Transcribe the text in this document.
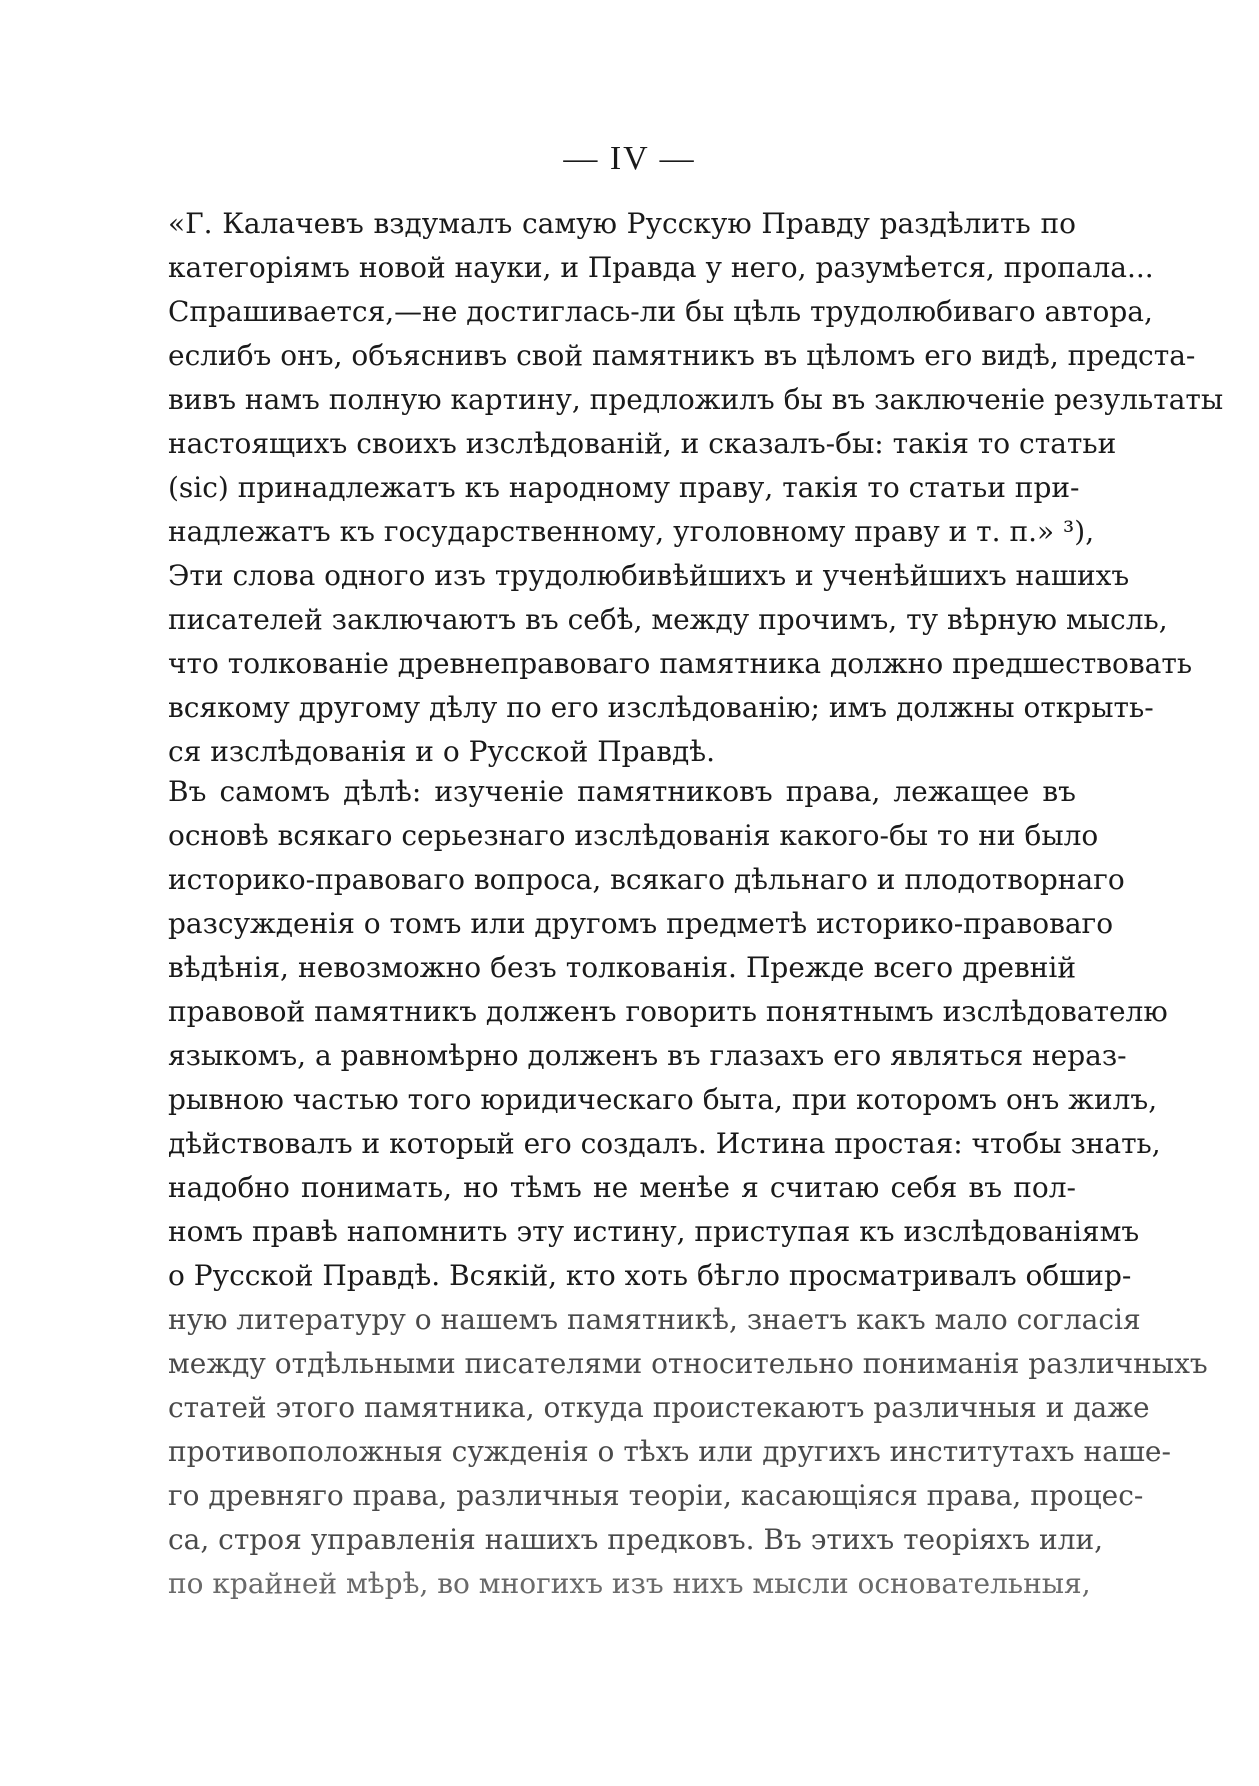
— IV —
«Г. Калачевъ вздумалъ самую Русскую Правду раздѣлить по
категоріямъ новой науки, и Правда у него, разумѣется, пропала...
Спрашивается,—не достиглась-ли бы цѣль трудолюбиваго автора,
еслибъ онъ, объяснивъ свой памятникъ въ цѣломъ его видѣ, предста-
вивъ намъ полную картину, предложилъ бы въ заключеніе результаты
настоящихъ своихъ изслѣдованій, и сказалъ-бы: такія то статьи
(sic) принадлежатъ къ народному праву, такія то статьи при-
надлежатъ къ государственному, уголовному праву и т. п.» ³),
Эти слова одного изъ трудолюбивѣйшихъ и ученѣйшихъ нашихъ
писателей заключаютъ въ себѣ, между прочимъ, ту вѣрную мысль,
что толкованіе древнеправоваго памятника должно предшествовать
всякому другому дѣлу по его изслѣдованію; имъ должны открыть-
ся изслѣдованія и о Русской Правдѣ.
Въ самомъ дѣлѣ: изученіе памятниковъ права, лежащее въ
основѣ всякаго серьезнаго изслѣдованія какого-бы то ни было
историко-правоваго вопроса, всякаго дѣльнаго и плодотворнаго
разсужденія о томъ или другомъ предметѣ историко-правоваго
вѣдѣнія, невозможно безъ толкованія. Прежде всего древній
правовой памятникъ долженъ говорить понятнымъ изслѣдователю
языкомъ, а равномѣрно долженъ въ глазахъ его являться нераз-
рывною частью того юридическаго быта, при которомъ онъ жилъ,
дѣйствовалъ и который его создалъ. Истина простая: чтобы знать,
надобно понимать, но тѣмъ не менѣе я считаю себя въ пол-
номъ правѣ напомнить эту истину, приступая къ изслѣдованіямъ
о Русской Правдѣ. Всякій, кто хоть бѣгло просматривалъ обшир-
ную литературу о нашемъ памятникѣ, знаетъ какъ мало согласія
между отдѣльными писателями относительно пониманія различныхъ
статей этого памятника, откуда проистекаютъ различныя и даже
противоположныя сужденія о тѣхъ или другихъ институтахъ наше-
го древняго права, различныя теоріи, касающіяся права, процес-
са, строя управленія нашихъ предковъ. Въ этихъ теоріяхъ или,
по крайней мѣрѣ, во многихъ изъ нихъ мысли основательныя,
